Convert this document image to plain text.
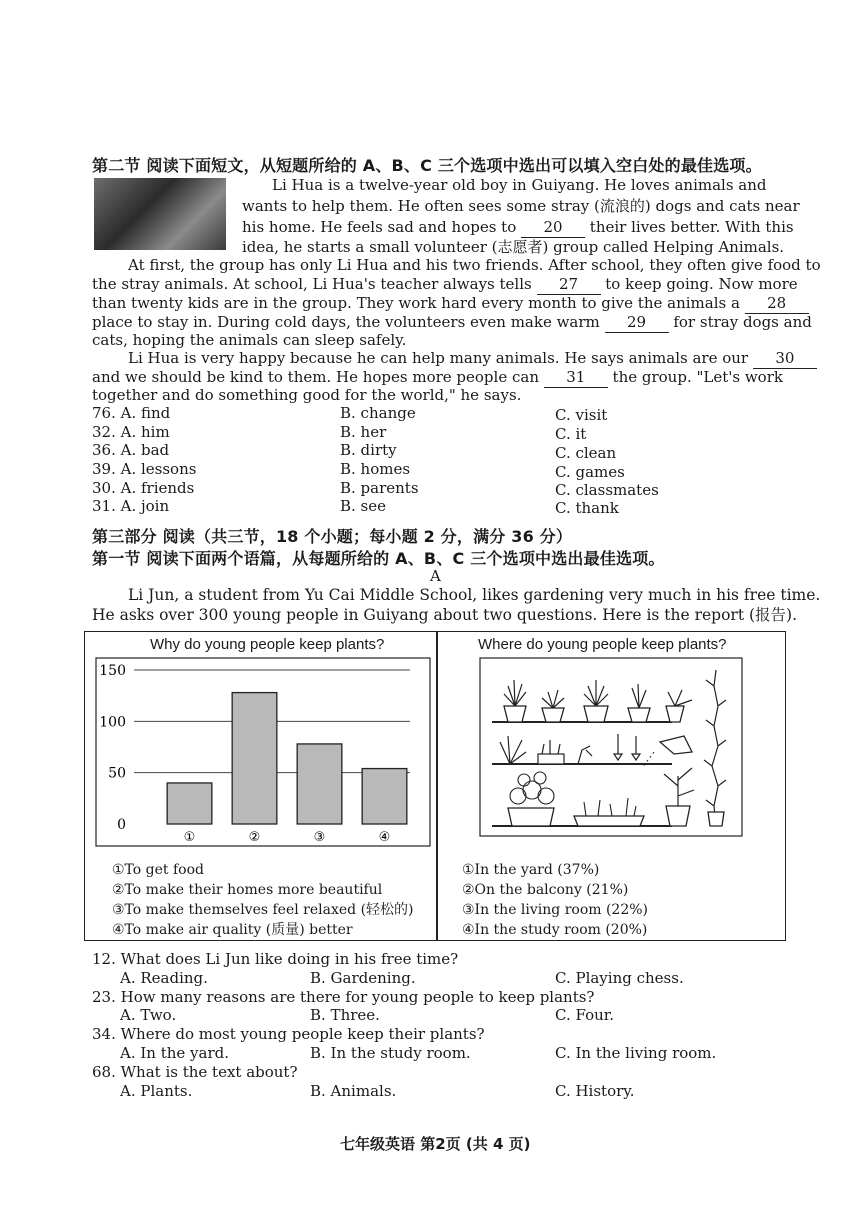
第二节 阅读下面短文，从短题所给的 A、B、C 三个选项中选出可以填入空白处的最佳选项。
Li Hua is a twelve-year old boy in Guiyang. He loves animals and
wants to help them. He often sees some stray (流浪的) dogs and cats near
his home. He feels sad and hopes to 20 their lives better. With this
idea, he starts a small volunteer (志愿者) group called Helping Animals.
At first, the group has only Li Hua and his two friends. After school, they often give food to
the stray animals. At school, Li Hua's teacher always tells 27 to keep going. Now more
than twenty kids are in the group. They work hard every month to give the animals a 28
place to stay in. During cold days, the volunteers even make warm 29 for stray dogs and
cats, hoping the animals can sleep safely.
Li Hua is very happy because he can help many animals. He says animals are our 30
and we should be kind to them. He hopes more people can 31 the group. "Let's work
together and do something good for the world," he says.
76. A. find	B. change	C. visit
32. A. him	B. her	C. it
36. A. bad	B. dirty	C. clean
39. A. lessons	B. homes	C. games
30. A. friends	B. parents	C. classmates
31. A. join	B. see	C. thank
第三部分 阅读（共三节，18 个小题；每小题 2 分，满分 36 分）
第一节 阅读下面两个语篇，从每题所给的 A、B、C 三个选项中选出最佳选项。
A
Li Jun, a student from Yu Cai Middle School, likes gardening very much in his free time.
He asks over 300 young people in Guiyang about two questions. Here is the report (报告).
Why do young people keep plants?
0
50
100
150
①	②	③	④
①To get food
②To make their homes more beautiful
③To make themselves feel relaxed (轻松的)
④To make air quality (质量) better
Where do young people keep plants?
①In the yard (37%)
②On the balcony (21%)
③In the living room (22%)
④In the study room (20%)
12. What does Li Jun like doing in his free time?
A. Reading.	B. Gardening.	C. Playing chess.
23. How many reasons are there for young people to keep plants?
A. Two.	B. Three.	C. Four.
34. Where do most young people keep their plants?
A. In the yard.	B. In the study room.	C. In the living room.
68. What is the text about?
A. Plants.	B. Animals.	C. History.
七年级英语 第2页 (共 4 页)
